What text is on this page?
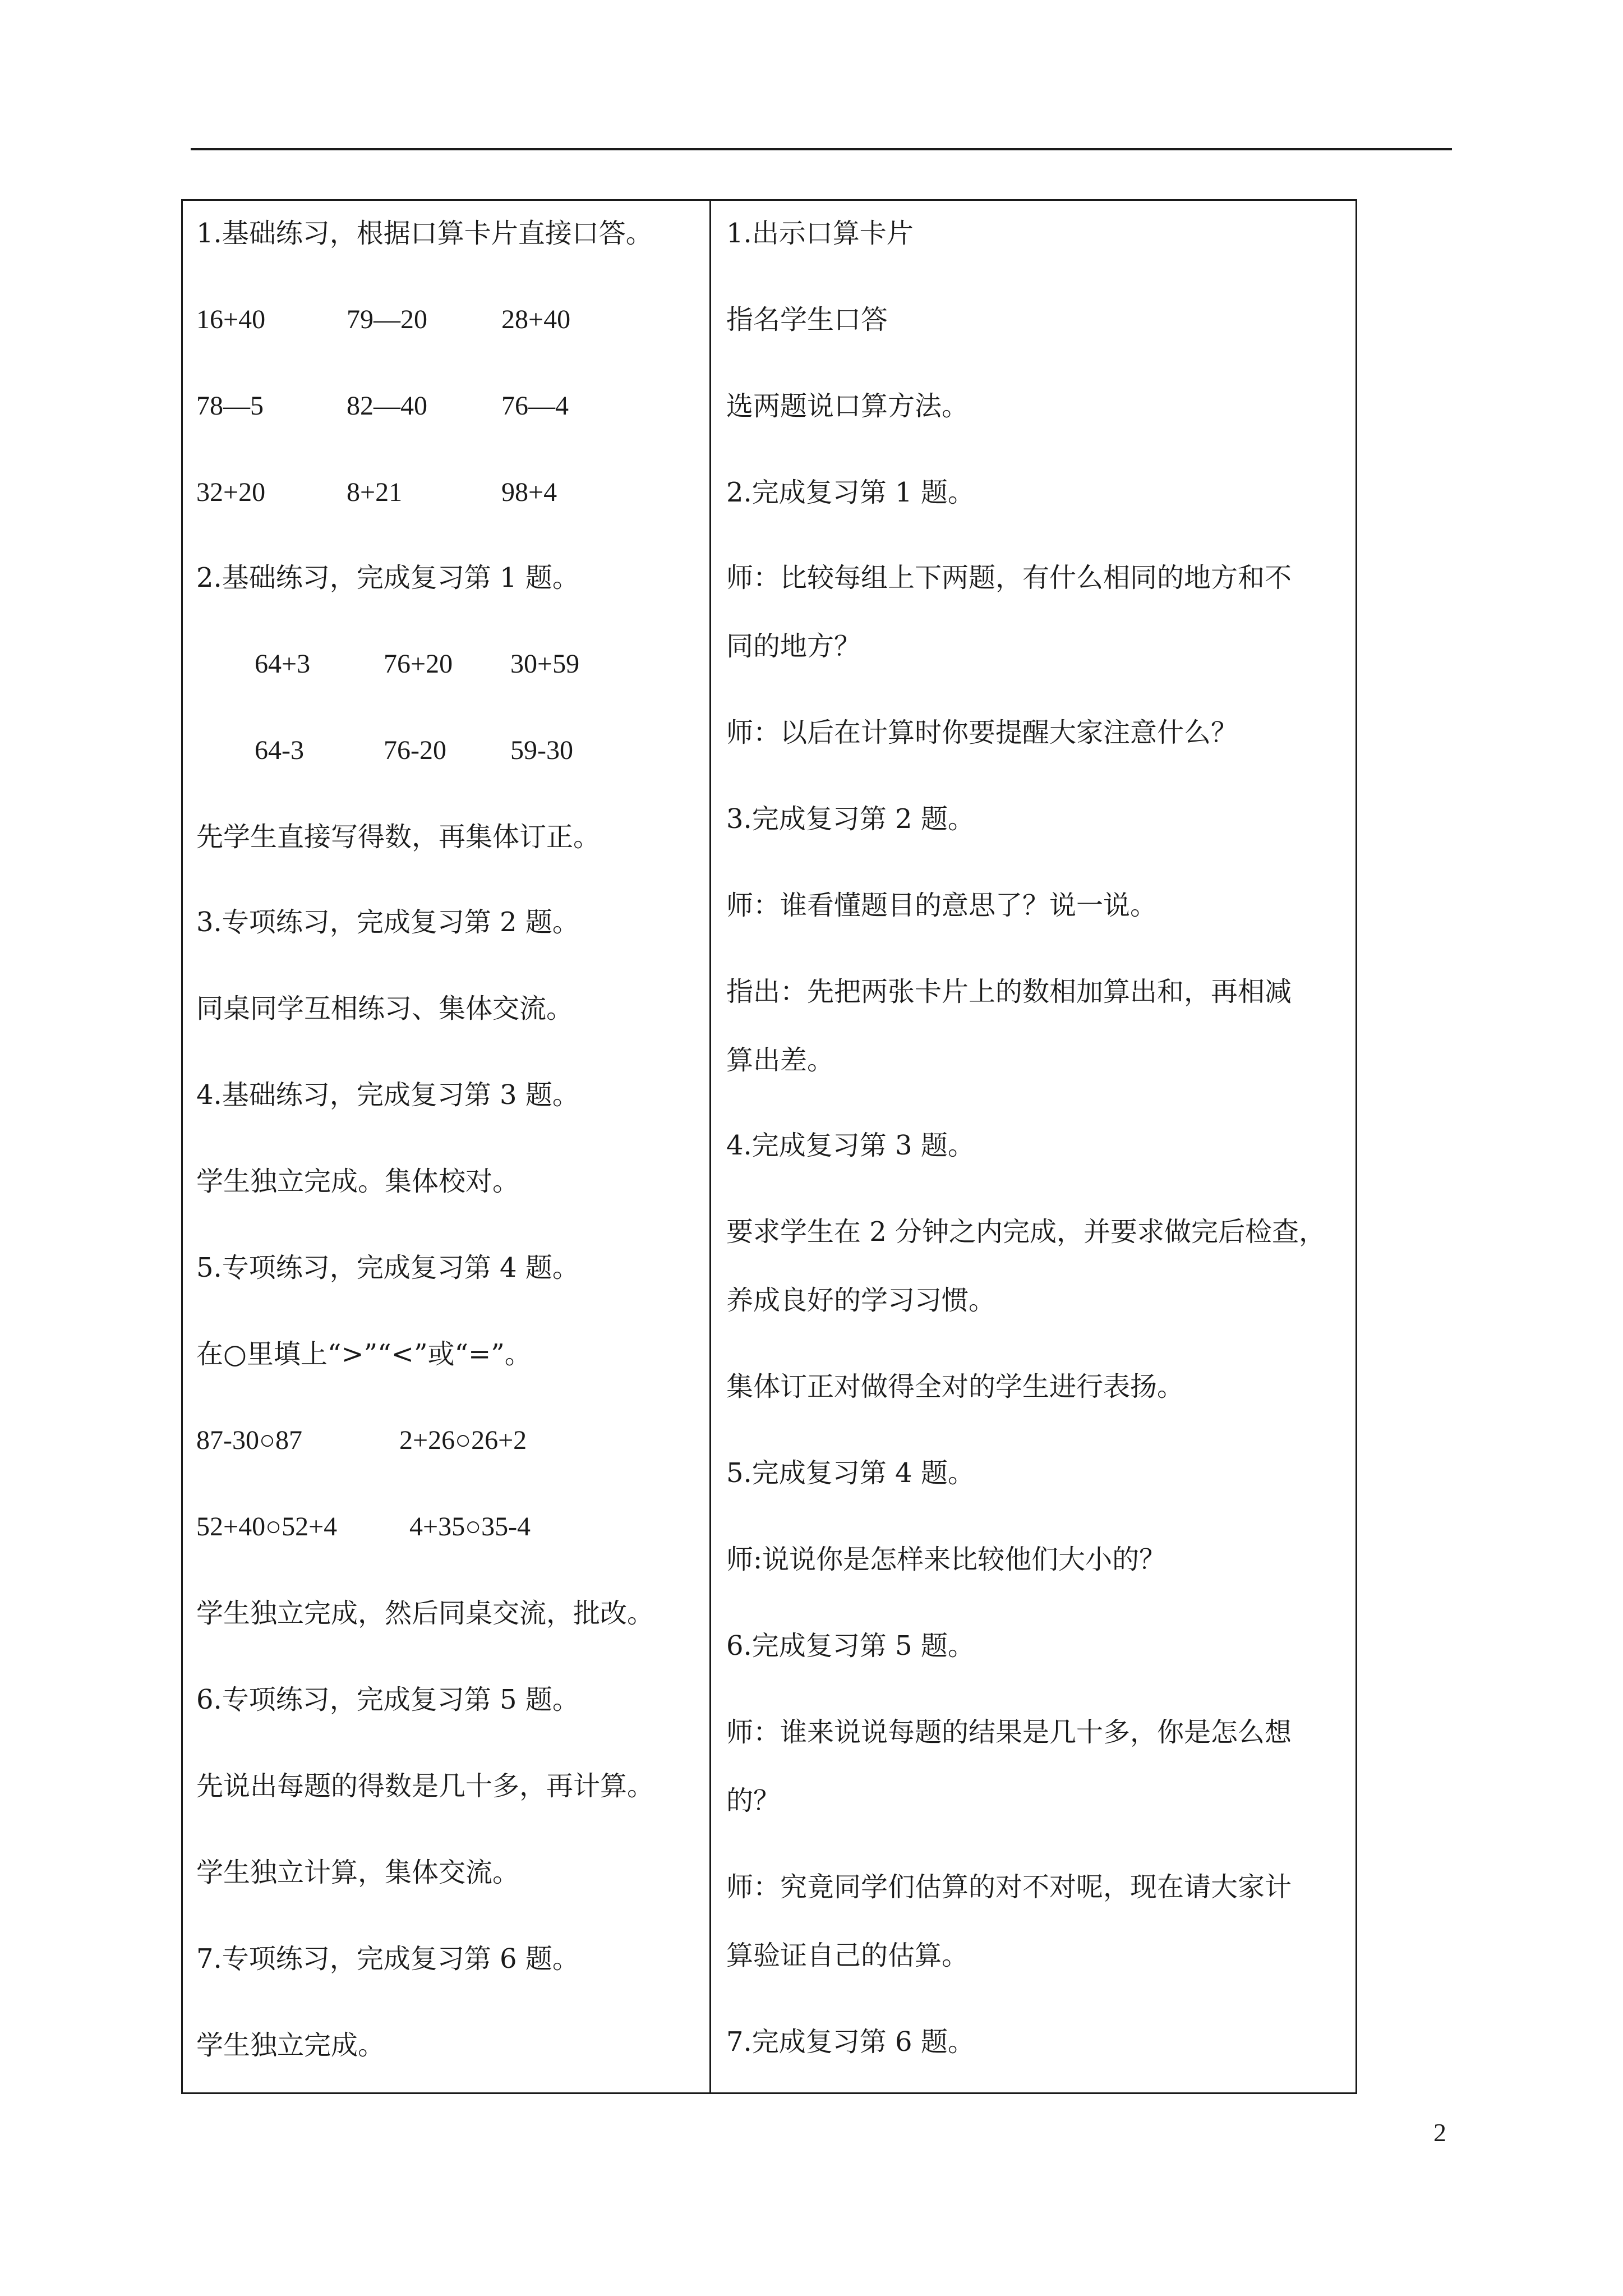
1.基础练习，根据口算卡片直接口答。
16+40	79—20	28+40
78—5	82—40	76—4
32+20	8+21	98+4
2.基础练习，完成复习第 1 题。
64+3	76+20 30+59
64-3	76-20 59-30
先学生直接写得数，再集体订正。
3.专项练习，完成复习第 2 题。
同桌同学互相练习、集体交流。
4.基础练习，完成复习第 3 题。
学生独立完成。集体校对。
5.专项练习，完成复习第 4 题。
在○里填上“>”“<”或“=”。
87-30○87	2+26○26+2
52+40○52+4	4+35○35-4
学生独立完成，然后同桌交流，批改。
6.专项练习，完成复习第 5 题。
先说出每题的得数是几十多，再计算。
学生独立计算，集体交流。
7.专项练习，完成复习第 6 题。
学生独立完成。
1.出示口算卡片
指名学生口答
选两题说口算方法。
2.完成复习第 1 题。
师：比较每组上下两题，有什么相同的地方和不
同的地方？
师：以后在计算时你要提醒大家注意什么？
3.完成复习第 2 题。
师：谁看懂题目的意思了？说一说。
指出：先把两张卡片上的数相加算出和，再相减
算出差。
4.完成复习第 3 题。
要求学生在 2 分钟之内完成，并要求做完后检查，
养成良好的学习习惯。
集体订正对做得全对的学生进行表扬。
5.完成复习第 4 题。
师:说说你是怎样来比较他们大小的？
6.完成复习第 5 题。
师：谁来说说每题的结果是几十多，你是怎么想
的？
师：究竟同学们估算的对不对呢，现在请大家计
算验证自己的估算。
7.完成复习第 6 题。
2
